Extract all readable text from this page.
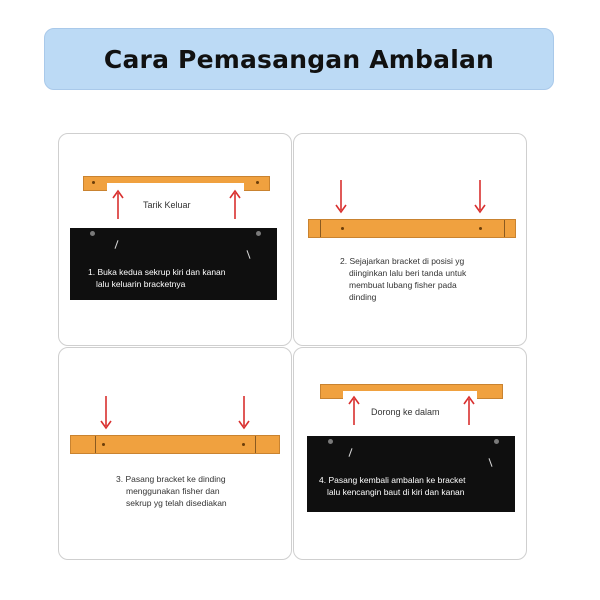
Cara Pemasangan Ambalan
Tarik Keluar
1. Buka kedua sekrup kiri dan kanan
lalu keluarin bracketnya
2. Sejajarkan bracket di posisi yg
diinginkan lalu beri tanda untuk
membuat lubang fisher pada
dinding
3. Pasang bracket ke dinding
menggunakan fisher dan
sekrup yg telah disediakan
Dorong ke dalam
4. Pasang kembali ambalan ke bracket
lalu kencangin baut di kiri dan kanan
